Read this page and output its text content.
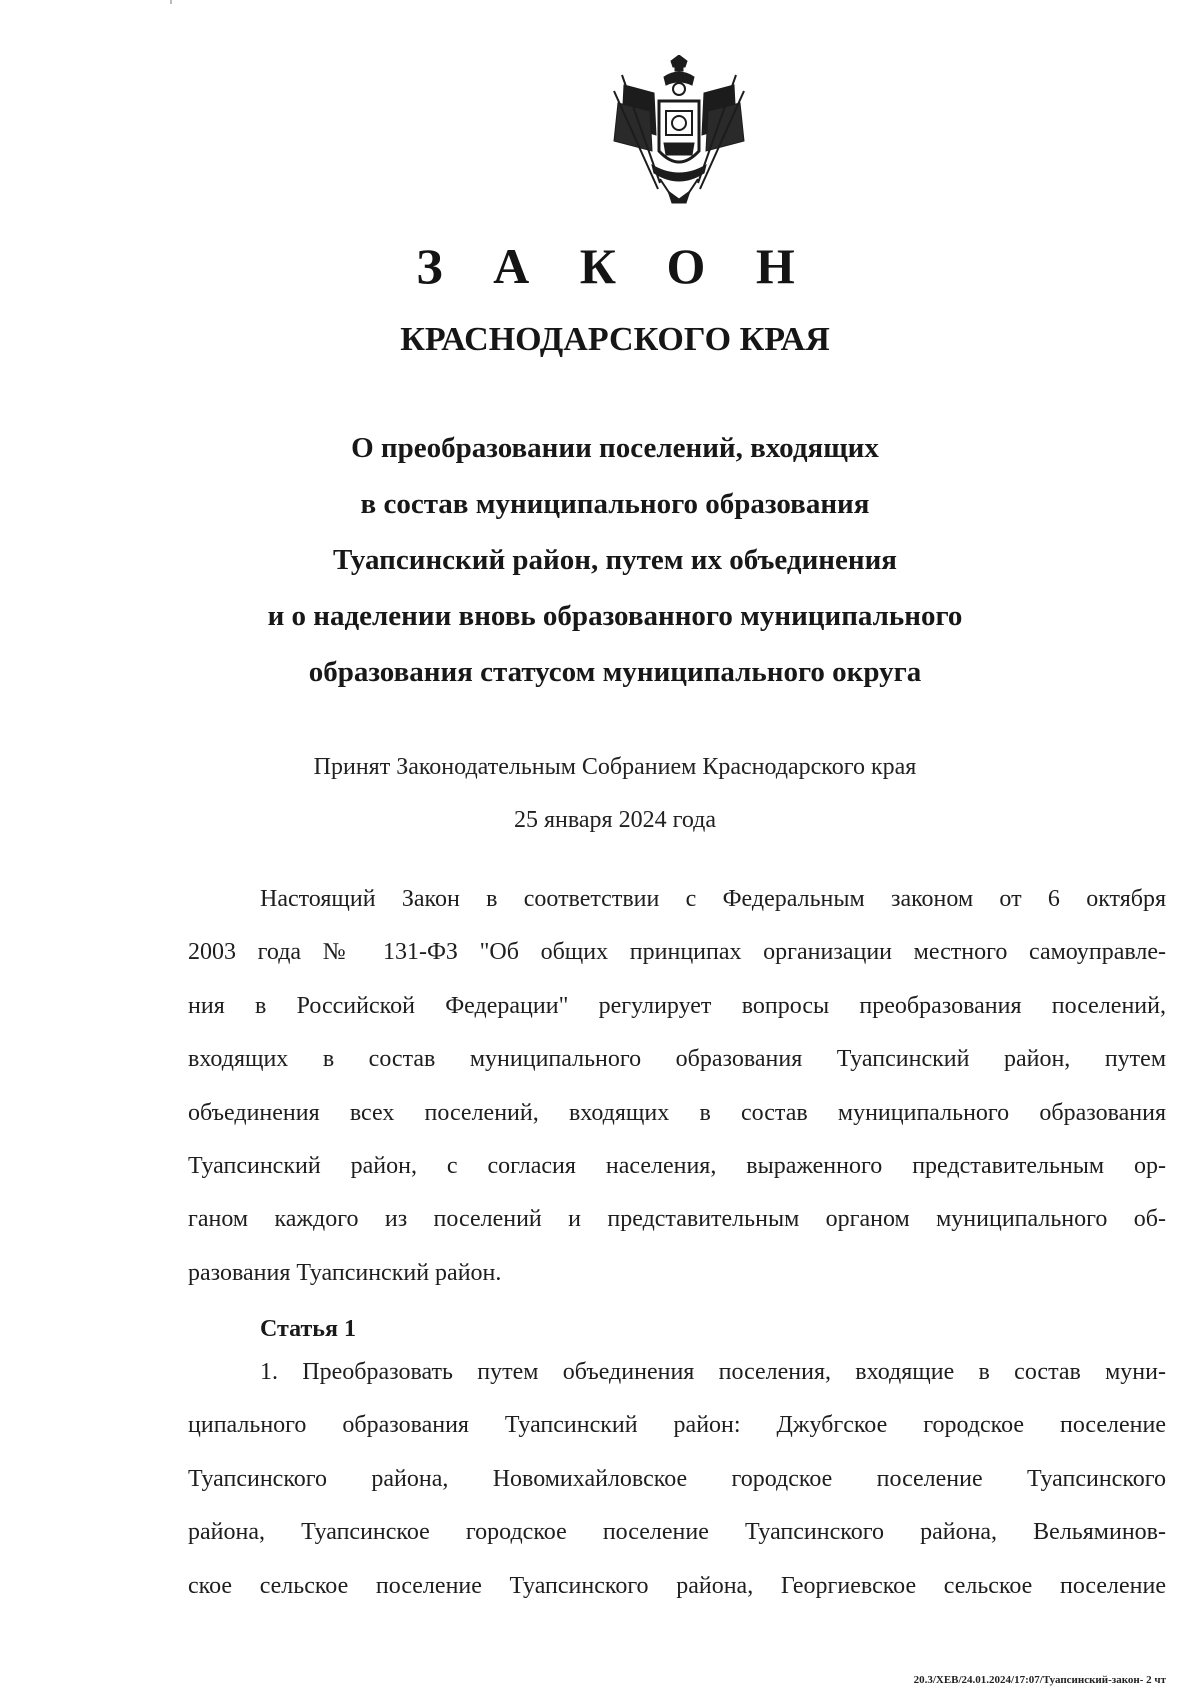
З А К О Н
КРАСНОДАРСКОГО КРАЯ
О преобразовании поселений, входящих
в состав муниципального образования
Туапсинский район, путем их объединения
и о наделении вновь образованного муниципального
образования статусом муниципального округа
Принят Законодательным Собранием Краснодарского края
25 января 2024 года
Настоящий Закон в соответствии с Федеральным законом от 6 октября
2003 года № 131-ФЗ "Об общих принципах организации местного самоуправле-
ния в Российской Федерации" регулирует вопросы преобразования поселений,
входящих в состав муниципального образования Туапсинский район, путем
объединения всех поселений, входящих в состав муниципального образования
Туапсинский район, с согласия населения, выраженного представительным ор-
ганом каждого из поселений и представительным органом муниципального об-
разования Туапсинский район.
Статья 1
1. Преобразовать путем объединения поселения, входящие в состав муни-
ципального образования Туапсинский район: Джубгское городское поселение
Туапсинского района, Новомихайловское городское поселение Туапсинского
района, Туапсинское городское поселение Туапсинского района, Вельяминов-
ское сельское поселение Туапсинского района, Георгиевское сельское поселение
20.3/ХЕВ/24.01.2024/17:07/Туапсинский-закон- 2 чт
